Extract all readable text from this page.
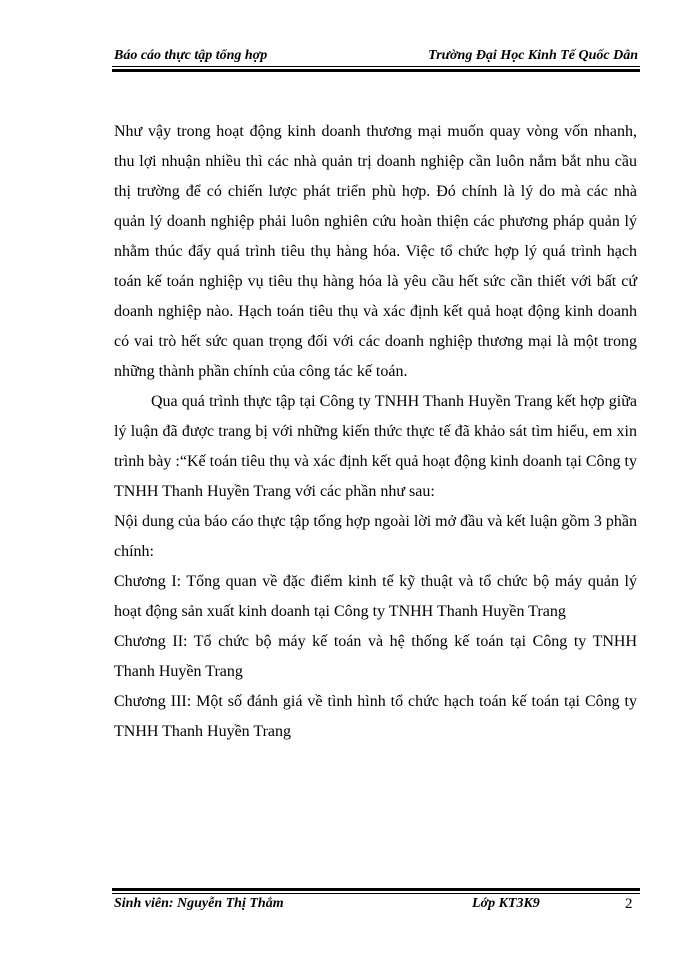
Báo cáo thực tập tổng hợp	Trường Đại Học Kinh Tế Quốc Dân

Như vậy trong hoạt động kinh doanh thương mại muốn quay vòng vốn nhanh, thu lợi nhuận nhiều thì các nhà quản trị doanh nghiệp cần luôn nắm bắt nhu cầu thị trường để có chiến lược phát triển phù hợp. Đó chính là lý do mà các nhà quản lý doanh nghiệp phải luôn nghiên cứu hoàn thiện các phương pháp quản lý nhằm thúc đẩy quá trình tiêu thụ hàng hóa. Việc tổ chức hợp lý quá trình hạch toán kế toán nghiệp vụ tiêu thụ hàng hóa là yêu cầu hết sức cần thiết với bất cứ doanh nghiệp nào. Hạch toán tiêu thụ và xác định kết quả hoạt động kinh doanh có vai trò hết sức quan trọng đối với các doanh nghiệp thương mại là một trong những thành phần chính của công tác kế toán.

Qua quá trình thực tập tại Công ty TNHH Thanh Huyền Trang kết hợp giữa lý luận đã được trang bị với những kiến thức thực tế đã khảo sát tìm hiểu, em xin trình bày :“Kế toán tiêu thụ và xác định kết quả hoạt động kinh doanh tại Công ty TNHH Thanh Huyền Trang với các phần như sau:

Nội dung của báo cáo thực tập tổng hợp ngoài lời mở đầu và kết luận gồm 3 phần chính:

Chương I: Tổng quan về đặc điểm kinh tế kỹ thuật và tổ chức bộ máy quản lý hoạt động sản xuất kinh doanh tại Công ty TNHH Thanh Huyền Trang

Chương II: Tổ chức bộ máy kế toán và hệ thống kế toán tại Công ty TNHH Thanh Huyền Trang

Chương III: Một số đánh giá về tình hình tổ chức hạch toán kế toán tại Công ty TNHH Thanh Huyền Trang

Sinh viên: Nguyễn Thị Thắm	Lớp KT3K9	2
